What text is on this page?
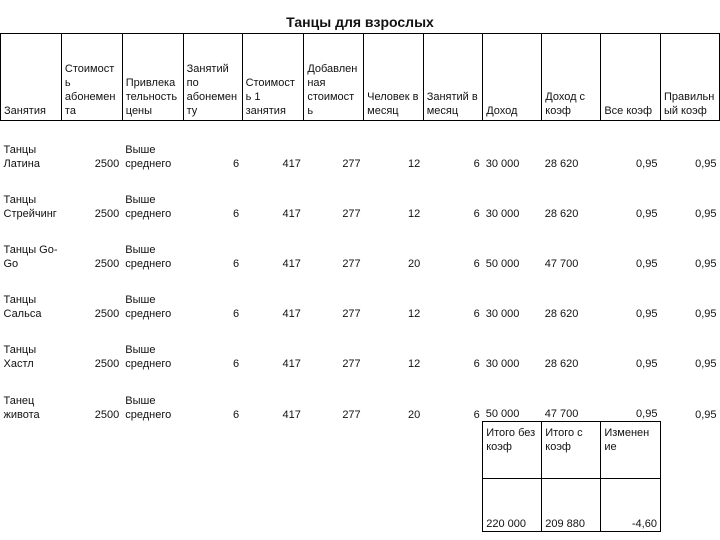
Танцы для взрослых
Занятия	Стоимост
ь
абонемен
та	Привлека
тельность
цены	Занятий
по
абонемен
ту	Стоимост
ь 1
занятия	Добавлен
ная
стоимост
ь	Человек в
месяц	Занятий в
месяц	Доход	Доход с
коэф	Все коэф	Правильн
ый коэф
Танцы
Латина	2500	Выше
среднего	6	417	277	12	6	30 000	28 620	0,95	0,95
Танцы
Стрейчинг	2500	Выше
среднего	6	417	277	12	6	30 000	28 620	0,95	0,95
Танцы Go-
Go	2500	Выше
среднего	6	417	277	20	6	50 000	47 700	0,95	0,95
Танцы
Сальса	2500	Выше
среднего	6	417	277	12	6	30 000	28 620	0,95	0,95
Танцы
Хастл	2500	Выше
среднего	6	417	277	12	6	30 000	28 620	0,95	0,95
Танец
живота	2500	Выше
среднего	6	417	277	20	6	50 000	47 700	0,95	0,95
								Итого без
коэф	Итого с
коэф	Изменен
ие	
								220 000	209 880	-4,60	
